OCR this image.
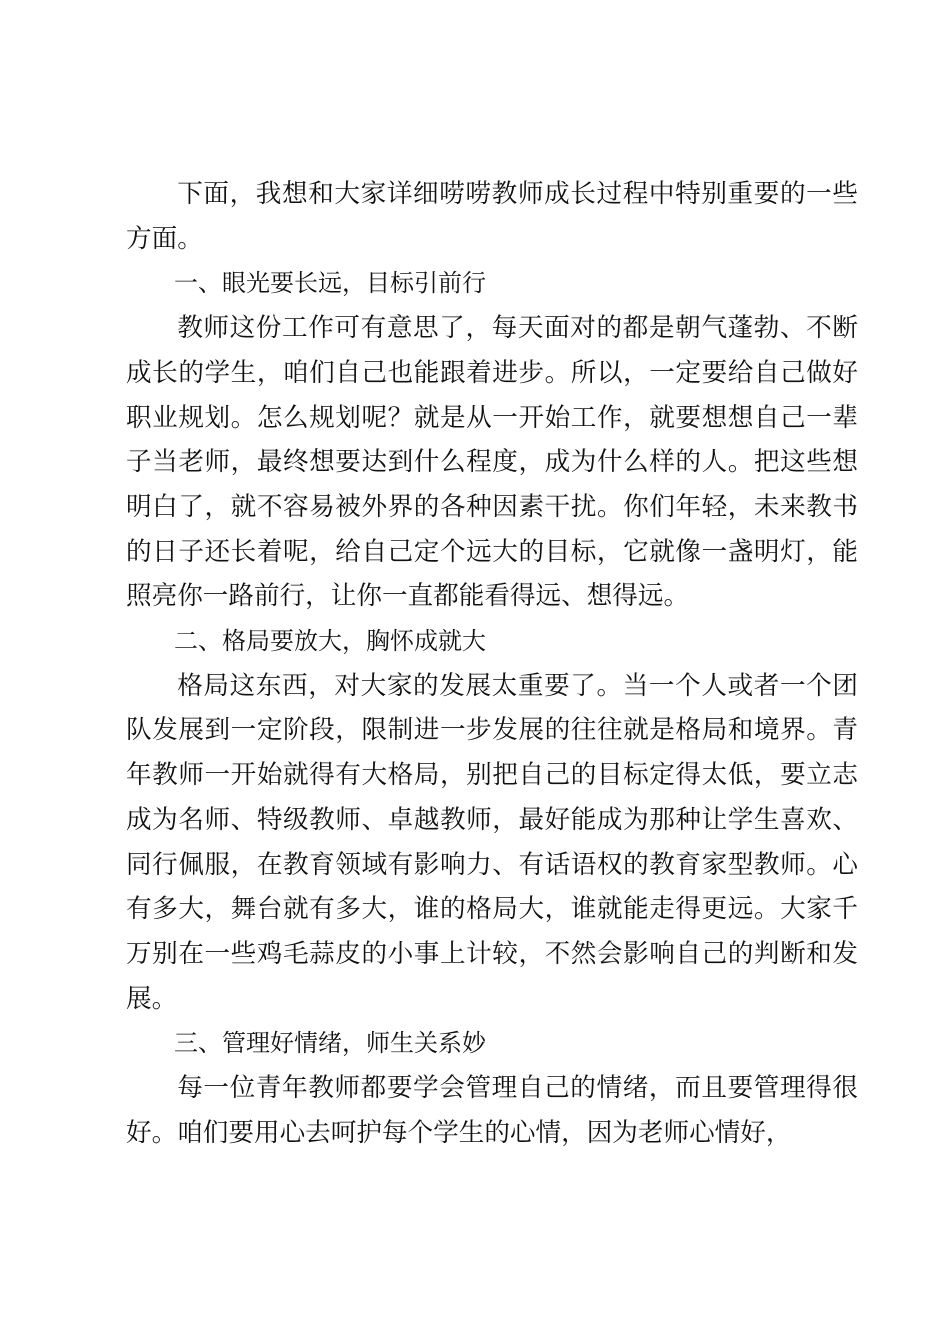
下面，我想和大家详细唠唠教师成长过程中特别重要的一些方面。

一、眼光要长远，目标引前行

教师这份工作可有意思了，每天面对的都是朝气蓬勃、不断成长的学生，咱们自己也能跟着进步。所以，一定要给自己做好职业规划。怎么规划呢？就是从一开始工作，就要想想自己一辈子当老师，最终想要达到什么程度，成为什么样的人。把这些想明白了，就不容易被外界的各种因素干扰。你们年轻，未来教书的日子还长着呢，给自己定个远大的目标，它就像一盏明灯，能照亮你一路前行，让你一直都能看得远、想得远。

二、格局要放大，胸怀成就大

格局这东西，对大家的发展太重要了。当一个人或者一个团队发展到一定阶段，限制进一步发展的往往就是格局和境界。青年教师一开始就得有大格局，别把自己的目标定得太低，要立志成为名师、特级教师、卓越教师，最好能成为那种让学生喜欢、同行佩服，在教育领域有影响力、有话语权的教育家型教师。心有多大，舞台就有多大，谁的格局大，谁就能走得更远。大家千万别在一些鸡毛蒜皮的小事上计较，不然会影响自己的判断和发展。

三、管理好情绪，师生关系妙

每一位青年教师都要学会管理自己的情绪，而且要管理得很好。咱们要用心去呵护每个学生的心情，因为老师心情好，
